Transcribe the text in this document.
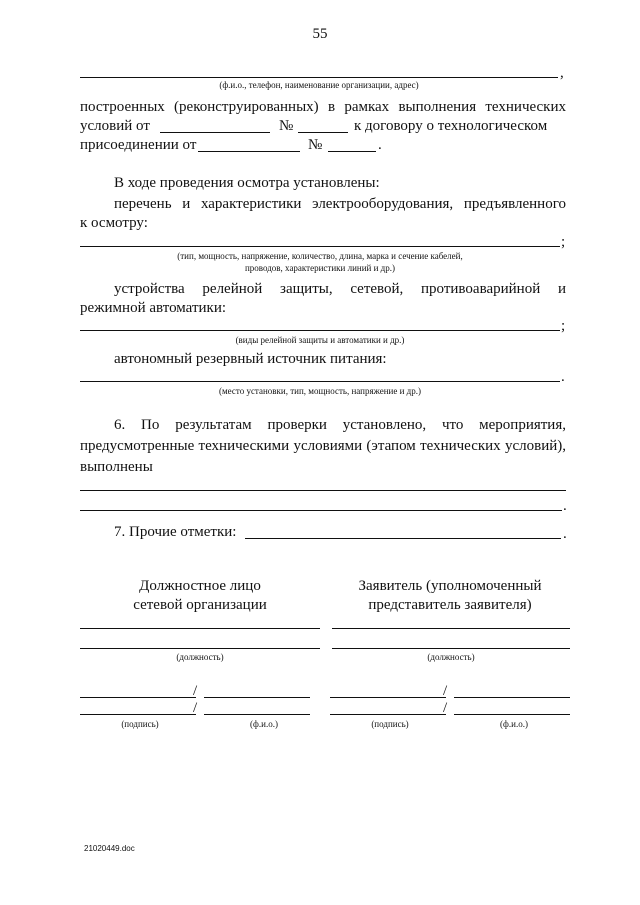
55
,
(ф.и.о., телефон, наименование организации, адрес)
построенных (реконструированных) в рамках выполнения технических
условий от	№	к договору о технологическом
присоединении от	№	.
В ходе проведения осмотра установлены:
перечень и характеристики электрооборудования, предъявленного
к осмотру:
;
(тип, мощность, напряжение, количество, длина, марка и сечение кабелей,
проводов, характеристики линий и др.)
устройства релейной защиты, сетевой, противоаварийной и
режимной автоматики:
;
(виды релейной защиты и автоматики и др.)
автономный резервный источник питания:
.
(место установки, тип, мощность, напряжение и др.)
6. По результатам проверки установлено, что мероприятия,
предусмотренные техническими условиями (этапом технических условий),
выполнены
.
7. Прочие отметки:	.
Должностное лицо
сетевой организации
Заявитель (уполномоченный
представитель заявителя)
(должность)	(должность)
/
/
(подпись)	(ф.и.о.)
/
/
(подпись)	(ф.и.о.)
21020449.doc
